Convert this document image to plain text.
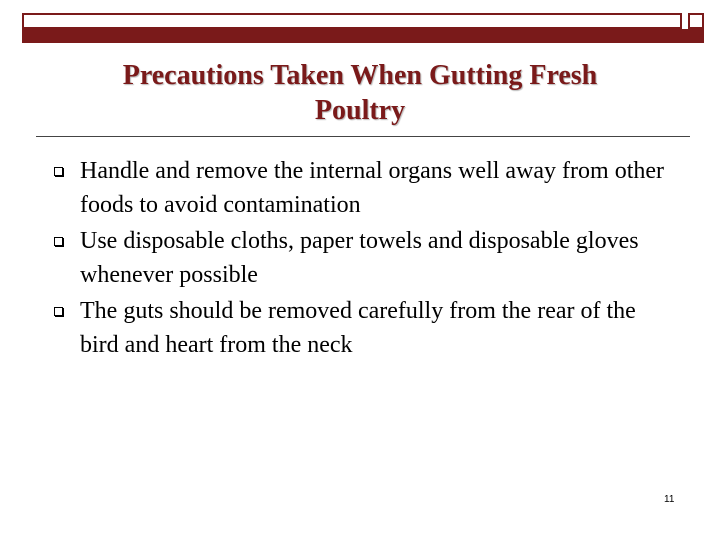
Precautions Taken When Gutting Fresh
Poultry
Handle and remove the internal organs well away from other foods to avoid contamination
Use disposable cloths, paper towels and disposable gloves whenever possible
The guts should be removed carefully from the rear of the bird and heart from the neck
11
